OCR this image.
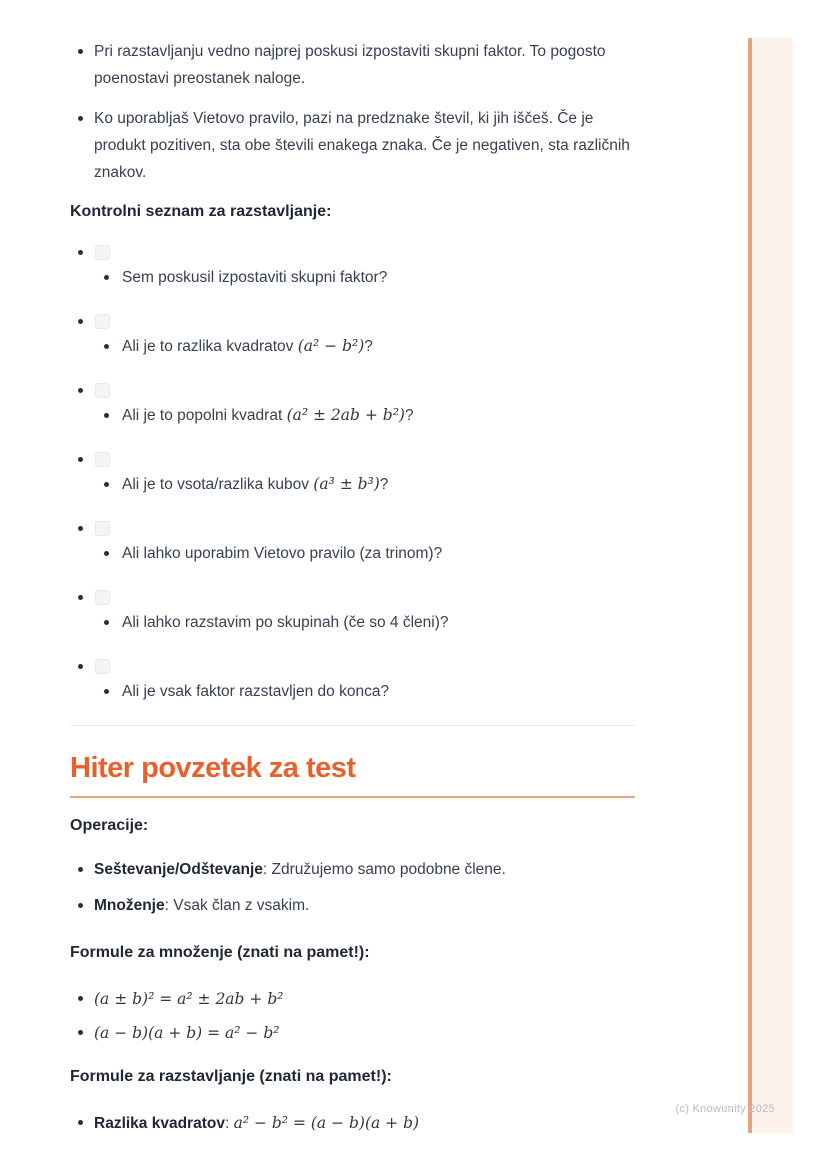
Pri razstavljanju vedno najprej poskusi izpostaviti skupni faktor. To pogosto poenostavi preostanek naloge.
Ko uporabljaš Vietovo pravilo, pazi na predznake števil, ki jih iščeš. Če je produkt pozitiven, sta obe števili enakega znaka. Če je negativen, sta različnih znakov.

Kontrolni seznam za razstavljanje:

Sem poskusil izpostaviti skupni faktor?
Ali je to razlika kvadratov (a² − b²)?
Ali je to popolni kvadrat (a² ± 2ab + b²)?
Ali je to vsota/razlika kubov (a³ ± b³)?
Ali lahko uporabim Vietovo pravilo (za trinom)?
Ali lahko razstavim po skupinah (če so 4 členi)?
Ali je vsak faktor razstavljen do konca?
Hiter povzetek za test

Operacije:

Seštevanje/Odštevanje: Združujemo samo podobne člene.
Množenje: Vsak član z vsakim.

Formule za množenje (znati na pamet!):

(a ± b)² = a² ± 2ab + b²
(a − b)(a + b) = a² − b²

Formule za razstavljanje (znati na pamet!):

Razlika kvadratov: a² − b² = (a − b)(a + b)
(c) Knowunity 2025
